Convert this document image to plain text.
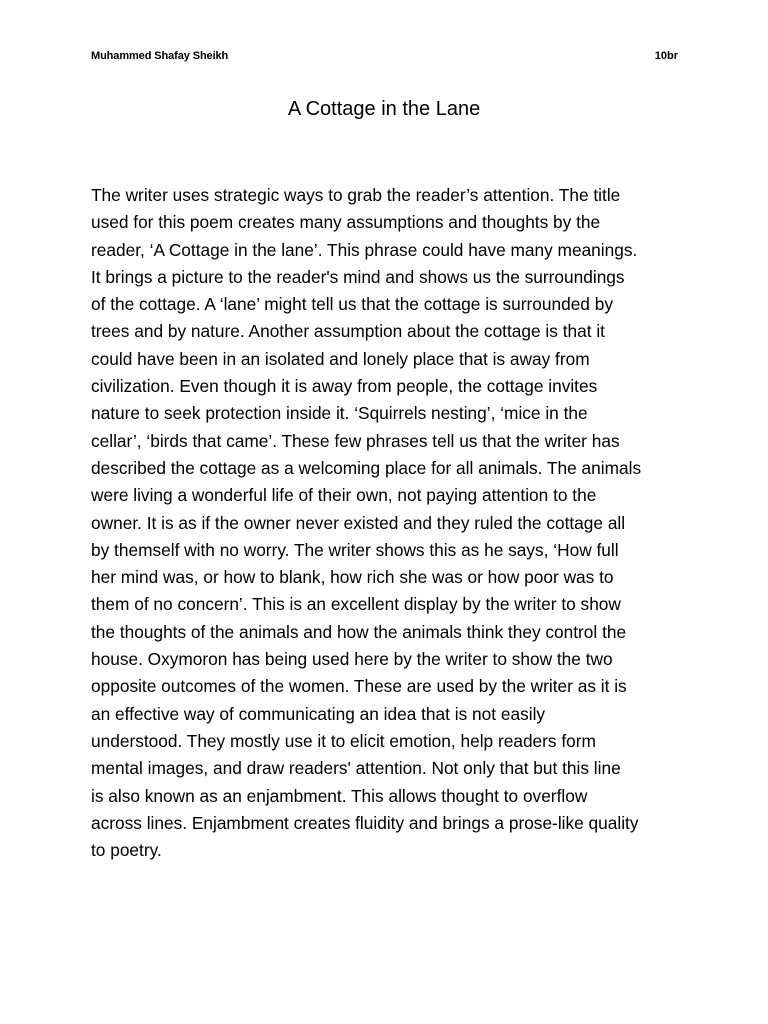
Muhammed Shafay Sheikh	10br
A Cottage in the Lane

The writer uses strategic ways to grab the reader’s attention. The title
used for this poem creates many assumptions and thoughts by the
reader, ‘A Cottage in the lane’. This phrase could have many meanings.
It brings a picture to the reader's mind and shows us the surroundings
of the cottage. A ‘lane’ might tell us that the cottage is surrounded by
trees and by nature. Another assumption about the cottage is that it
could have been in an isolated and lonely place that is away from
civilization. Even though it is away from people, the cottage invites
nature to seek protection inside it. ‘Squirrels nesting’, ‘mice in the
cellar’, ‘birds that came’. These few phrases tell us that the writer has
described the cottage as a welcoming place for all animals. The animals
were living a wonderful life of their own, not paying attention to the
owner. It is as if the owner never existed and they ruled the cottage all
by themself with no worry. The writer shows this as he says, ‘How full
her mind was, or how to blank, how rich she was or how poor was to
them of no concern’. This is an excellent display by the writer to show
the thoughts of the animals and how the animals think they control the
house. Oxymoron has being used here by the writer to show the two
opposite outcomes of the women. These are used by the writer as it is
an effective way of communicating an idea that is not easily
understood. They mostly use it to elicit emotion, help readers form
mental images, and draw readers' attention. Not only that but this line
is also known as an enjambment. This allows thought to overflow
across lines. Enjambment creates fluidity and brings a prose-like quality
to poetry.
